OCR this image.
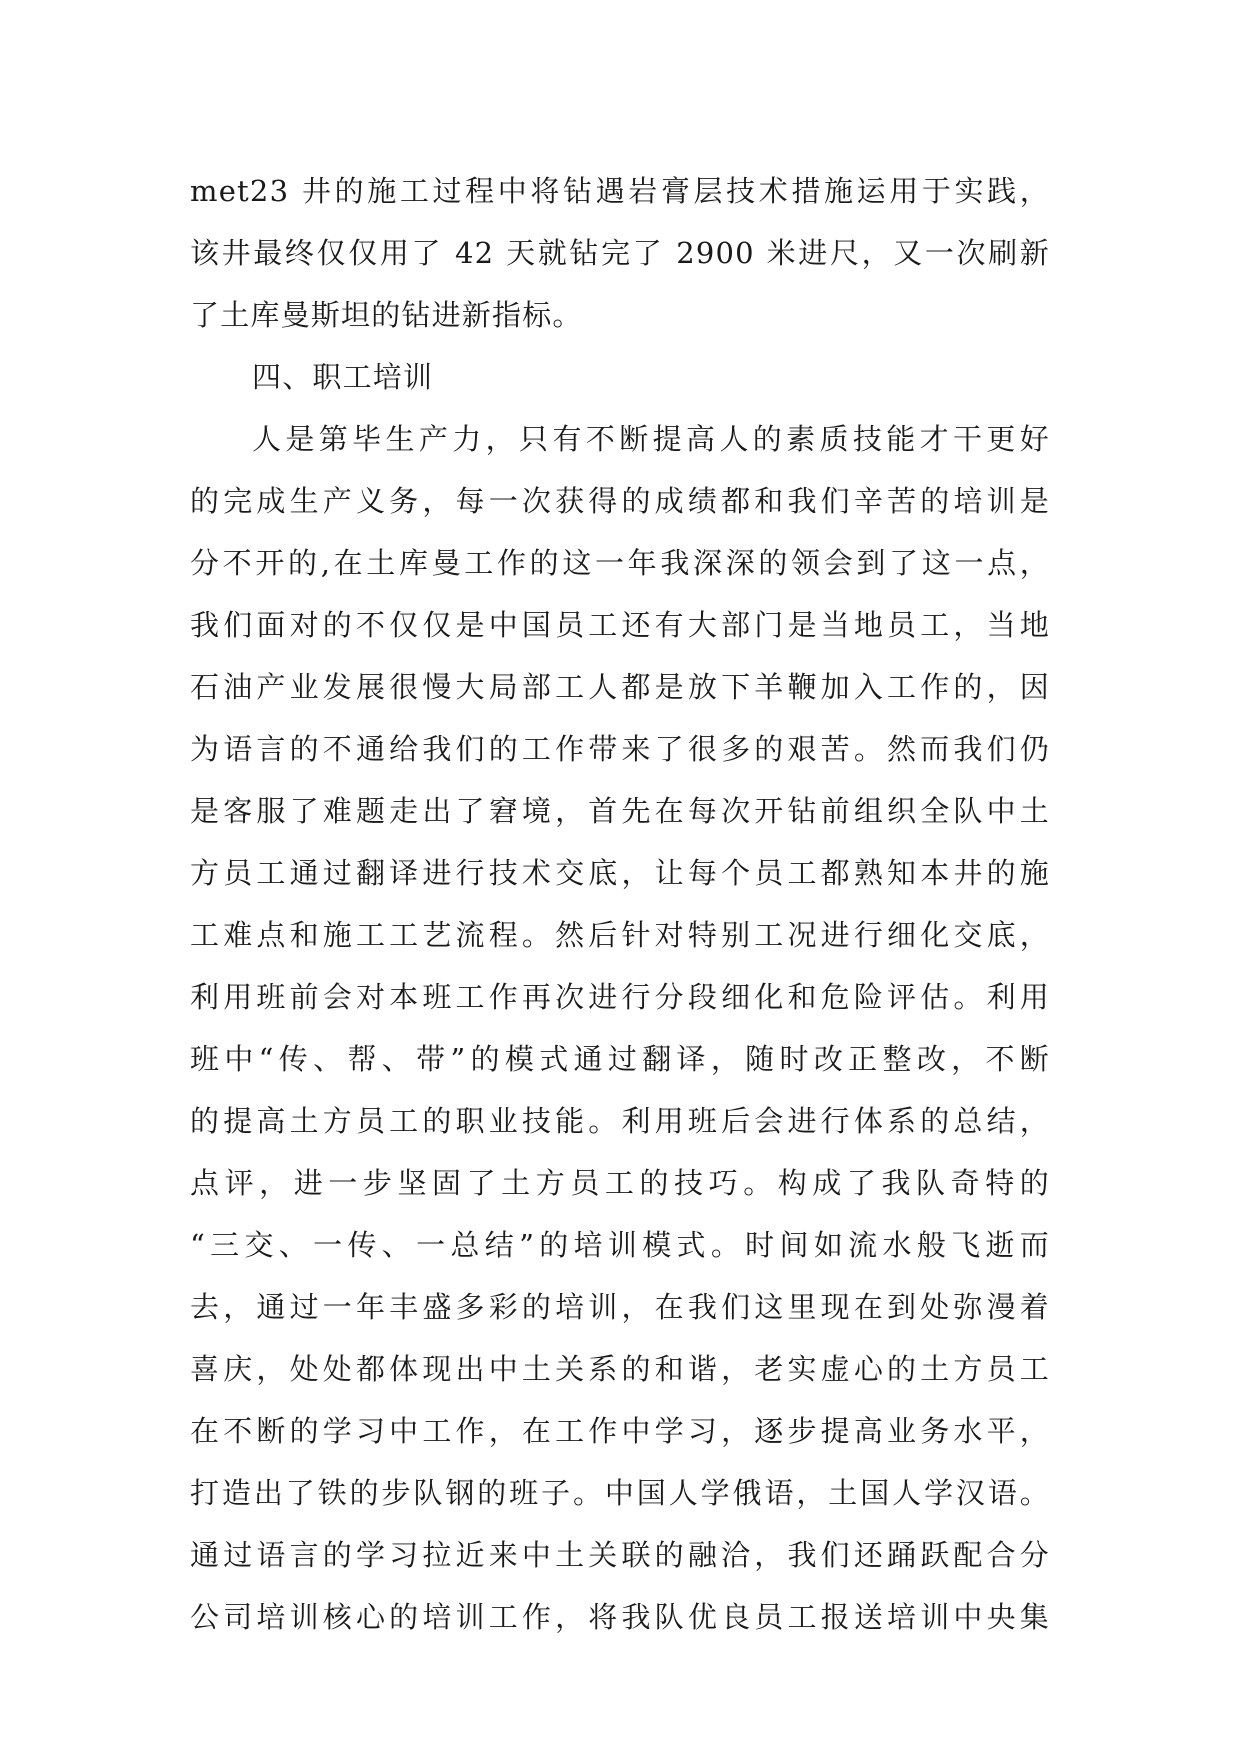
met23 井的施工过程中将钻遇岩膏层技术措施运用于实践，
该井最终仅仅用了 42 天就钻完了 2900 米进尺，又一次刷新
了土库曼斯坦的钻进新指标。
四、职工培训
人是第毕生产力，只有不断提高人的素质技能才干更好
的完成生产义务，每一次获得的成绩都和我们辛苦的培训是
分不开的,在土库曼工作的这一年我深深的领会到了这一点，
我们面对的不仅仅是中国员工还有大部门是当地员工，当地
石油产业发展很慢大局部工人都是放下羊鞭加入工作的，因
为语言的不通给我们的工作带来了很多的艰苦。然而我们仍
是客服了难题走出了窘境，首先在每次开钻前组织全队中土
方员工通过翻译进行技术交底，让每个员工都熟知本井的施
工难点和施工工艺流程。然后针对特别工况进行细化交底，
利用班前会对本班工作再次进行分段细化和危险评估。利用
班中“传、帮、带”的模式通过翻译，随时改正整改，不断
的提高土方员工的职业技能。利用班后会进行体系的总结，
点评，进一步坚固了土方员工的技巧。构成了我队奇特的
“三交、一传、一总结”的培训模式。时间如流水般飞逝而
去，通过一年丰盛多彩的培训，在我们这里现在到处弥漫着
喜庆，处处都体现出中土关系的和谐，老实虚心的土方员工
在不断的学习中工作，在工作中学习，逐步提高业务水平，
打造出了铁的步队钢的班子。中国人学俄语，土国人学汉语。
通过语言的学习拉近来中土关联的融洽，我们还踊跃配合分
公司培训核心的培训工作，将我队优良员工报送培训中央集
